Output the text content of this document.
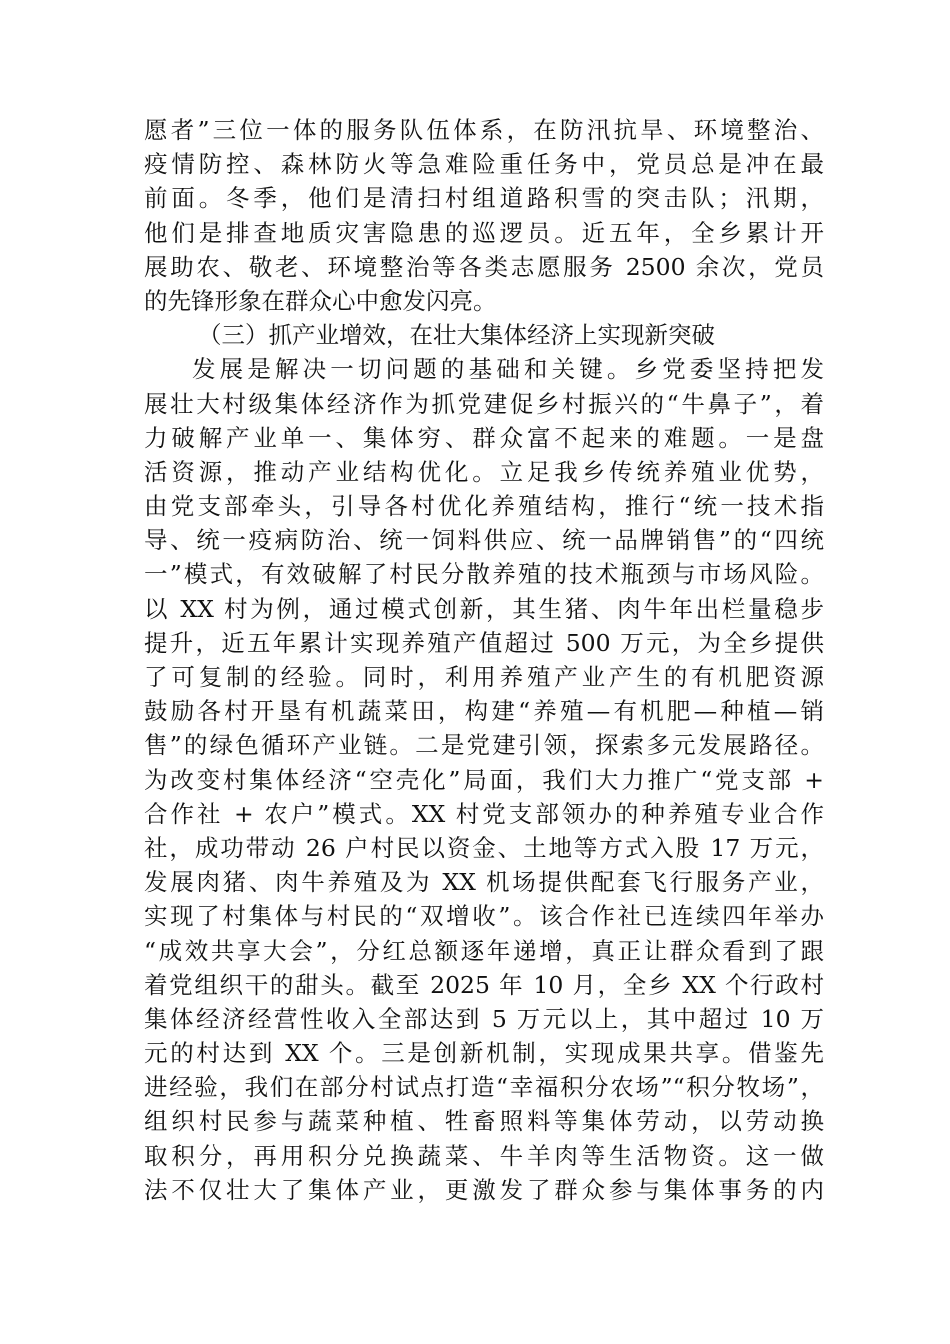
愿者”三位一体的服务队伍体系，在防汛抗旱、环境整治、
疫情防控、森林防火等急难险重任务中，党员总是冲在最
前面。冬季，他们是清扫村组道路积雪的突击队；汛期，
他们是排查地质灾害隐患的巡逻员。近五年，全乡累计开
展助农、敬老、环境整治等各类志愿服务 2500 余次，党员
的先锋形象在群众心中愈发闪亮。
（三）抓产业增效，在壮大集体经济上实现新突破
发展是解决一切问题的基础和关键。乡党委坚持把发
展壮大村级集体经济作为抓党建促乡村振兴的“牛鼻子”，着
力破解产业单一、集体穷、群众富不起来的难题。一是盘
活资源，推动产业结构优化。立足我乡传统养殖业优势，
由党支部牵头，引导各村优化养殖结构，推行“统一技术指
导、统一疫病防治、统一饲料供应、统一品牌销售”的“四统
一”模式，有效破解了村民分散养殖的技术瓶颈与市场风险。
以 XX 村为例，通过模式创新，其生猪、肉牛年出栏量稳步
提升，近五年累计实现养殖产值超过 500 万元，为全乡提供
了可复制的经验。同时，利用养殖产业产生的有机肥资源
鼓励各村开垦有机蔬菜田，构建“养殖—有机肥—种植—销
售”的绿色循环产业链。二是党建引领，探索多元发展路径。
为改变村集体经济“空壳化”局面，我们大力推广“党支部 +
合作社 + 农户”模式。XX 村党支部领办的种养殖专业合作
社，成功带动 26 户村民以资金、土地等方式入股 17 万元，
发展肉猪、肉牛养殖及为 XX 机场提供配套飞行服务产业，
实现了村集体与村民的“双增收”。该合作社已连续四年举办
“成效共享大会”，分红总额逐年递增，真正让群众看到了跟
着党组织干的甜头。截至 2025 年 10 月，全乡 XX 个行政村
集体经济经营性收入全部达到 5 万元以上，其中超过 10 万
元的村达到 XX 个。三是创新机制，实现成果共享。借鉴先
进经验，我们在部分村试点打造“幸福积分农场”“积分牧场”，
组织村民参与蔬菜种植、牲畜照料等集体劳动，以劳动换
取积分，再用积分兑换蔬菜、牛羊肉等生活物资。这一做
法不仅壮大了集体产业，更激发了群众参与集体事务的内
